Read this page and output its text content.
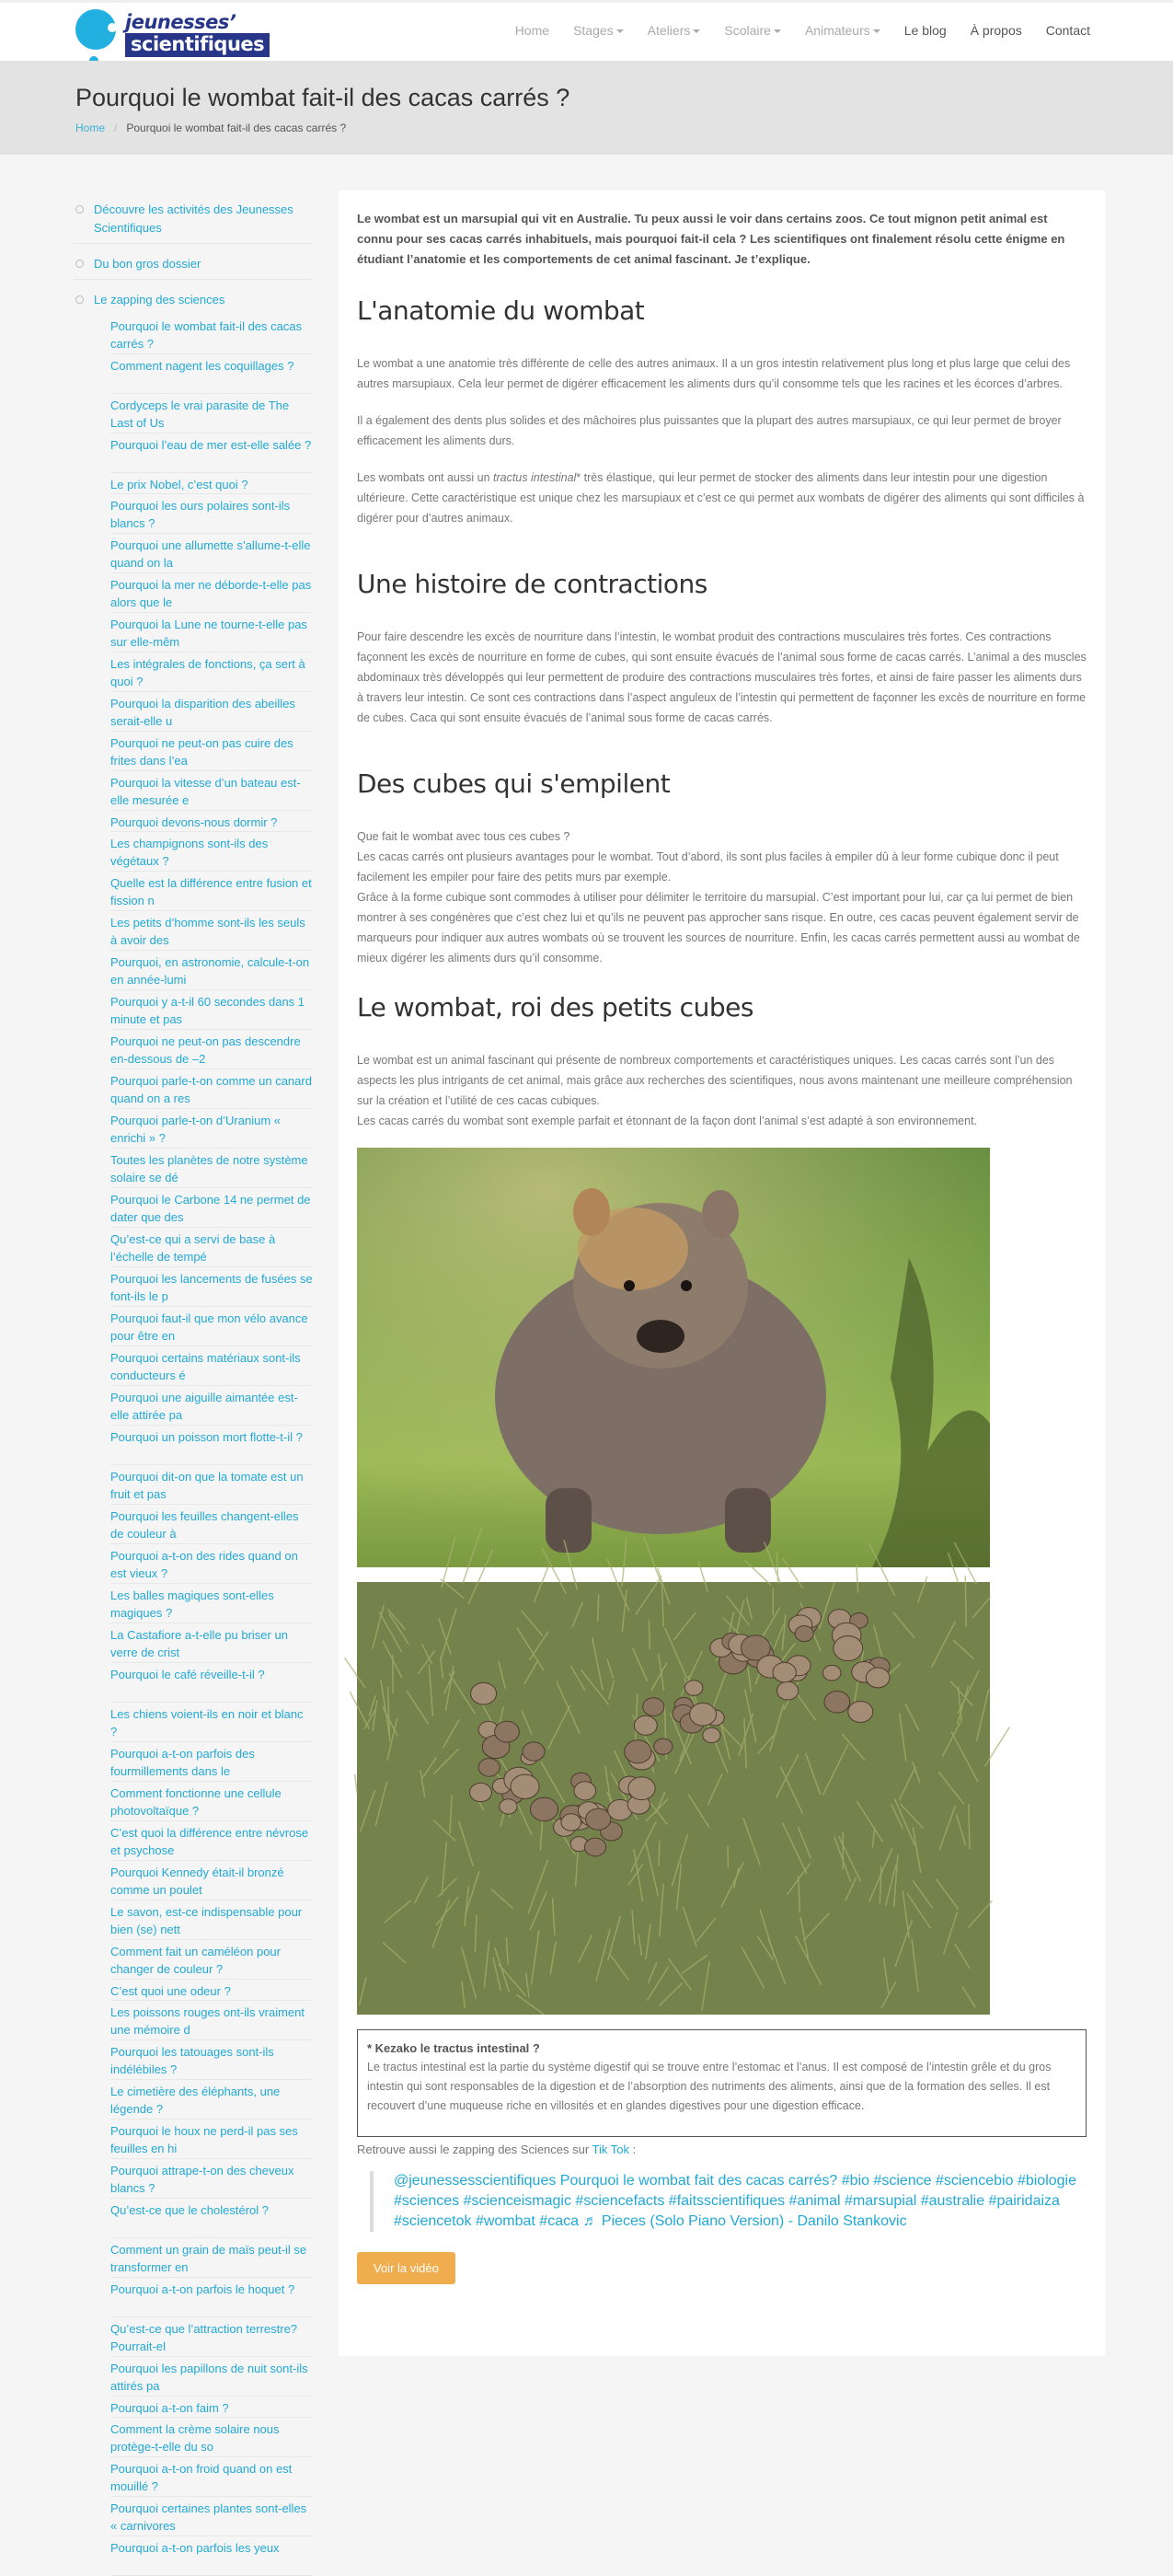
jeunesses’
scientifiques
Home Stages	Ateliers	Scolaire	Animateurs	Le blog À propos Contact
Pourquoi le wombat fait-il des cacas carrés ?
Home / Pourquoi le wombat fait-il des cacas carrés ?
Découvre les activités des Jeunesses Scientifiques
Du bon gros dossier
Le zapping des sciences
Pourquoi le wombat fait-il des cacas carrés ?
Comment nagent les coquillages ?
Cordyceps le vrai parasite de The Last of Us
Pourquoi l’eau de mer est-elle salée ?
Le prix Nobel, c’est quoi ?
Pourquoi les ours polaires sont-ils blancs ?
Pourquoi une allumette s’allume-t-elle quand on la
Pourquoi la mer ne déborde-t-elle pas alors que le
Pourquoi la Lune ne tourne-t-elle pas sur elle-mêm
Les intégrales de fonctions, ça sert à quoi ?
Pourquoi la disparition des abeilles serait-elle u
Pourquoi ne peut-on pas cuire des frites dans l’ea
Pourquoi la vitesse d’un bateau est-elle mesurée e
Pourquoi devons-nous dormir ?
Les champignons sont-ils des végétaux ?
Quelle est la différence entre fusion et fission n
Les petits d’homme sont-ils les seuls à avoir des
Pourquoi, en astronomie, calcule-t-on en année-lumi
Pourquoi y a-t-il 60 secondes dans 1 minute et pas
Pourquoi ne peut-on pas descendre en-dessous de –2
Pourquoi parle-t-on comme un canard quand on a res
Pourquoi parle-t-on d’Uranium « enrichi » ?
Toutes les planètes de notre système solaire se dé
Pourquoi le Carbone 14 ne permet de dater que des
Qu’est-ce qui a servi de base à l’échelle de tempé
Pourquoi les lancements de fusées se font-ils le p
Pourquoi faut-il que mon vélo avance pour être en
Pourquoi certains matériaux sont-ils conducteurs é
Pourquoi une aiguille aimantée est-elle attirée pa
Pourquoi un poisson mort flotte-t-il ?
Pourquoi dit-on que la tomate est un fruit et pas
Pourquoi les feuilles changent-elles de couleur à
Pourquoi a-t-on des rides quand on est vieux ?
Les balles magiques sont-elles magiques ?
La Castafiore a-t-elle pu briser un verre de crist
Pourquoi le café réveille-t-il ?
Les chiens voient-ils en noir et blanc ?
Pourquoi a-t-on parfois des fourmillements dans le
Comment fonctionne une cellule photovoltaïque ?
C’est quoi la différence entre névrose et psychose
Pourquoi Kennedy était-il bronzé comme un poulet
Le savon, est-ce indispensable pour bien (se) nett
Comment fait un caméléon pour changer de couleur ?
C’est quoi une odeur ?
Les poissons rouges ont-ils vraiment une mémoire d
Pourquoi les tatouages sont-ils indélébiles ?
Le cimetière des éléphants, une légende ?
Pourquoi le houx ne perd-il pas ses feuilles en hi
Pourquoi attrape-t-on des cheveux blancs ?
Qu’est-ce que le cholestérol ?
Comment un grain de maïs peut-il se transformer en
Pourquoi a-t-on parfois le hoquet ?
Qu’est-ce que l’attraction terrestre? Pourrait-el
Pourquoi les papillons de nuit sont-ils attirés pa
Pourquoi a-t-on faim ?
Comment la crème solaire nous protège-t-elle du so
Pourquoi a-t-on froid quand on est mouillé ?
Pourquoi certaines plantes sont-elles « carnivores
Pourquoi a-t-on parfois les yeux

Le wombat est un marsupial qui vit en Australie. Tu peux aussi le voir dans certains zoos. Ce tout mignon petit animal est connu pour ses cacas carrés inhabituels, mais pourquoi fait-il cela ? Les scientifiques ont finalement résolu cette énigme en étudiant l’anatomie et les comportements de cet animal fascinant. Je t’explique.

L'anatomie du wombat

Le wombat a une anatomie très différente de celle des autres animaux. Il a un gros intestin relativement plus long et plus large que celui des autres marsupiaux. Cela leur permet de digérer efficacement les aliments durs qu’il consomme tels que les racines et les écorces d’arbres.

Il a également des dents plus solides et des mâchoires plus puissantes que la plupart des autres marsupiaux, ce qui leur permet de broyer efficacement les aliments durs.

Les wombats ont aussi un tractus intestinal* très élastique, qui leur permet de stocker des aliments dans leur intestin pour une digestion ultérieure. Cette caractéristique est unique chez les marsupiaux et c’est ce qui permet aux wombats de digérer des aliments qui sont difficiles à digérer pour d’autres animaux.

Une histoire de contractions

Pour faire descendre les excès de nourriture dans l’intestin, le wombat produit des contractions musculaires très fortes. Ces contractions façonnent les excès de nourriture en forme de cubes, qui sont ensuite évacués de l’animal sous forme de cacas carrés. L’animal a des muscles abdominaux très développés qui leur permettent de produire des contractions musculaires très fortes, et ainsi de faire passer les aliments durs à travers leur intestin. Ce sont ces contractions dans l’aspect anguleux de l’intestin qui permettent de façonner les excès de nourriture en forme de cubes. Caca qui sont ensuite évacués de l’animal sous forme de cacas carrés.

Des cubes qui s'empilent

Que fait le wombat avec tous ces cubes ?

Les cacas carrés ont plusieurs avantages pour le wombat. Tout d’abord, ils sont plus faciles à empiler dû à leur forme cubique donc il peut facilement les empiler pour faire des petits murs par exemple.

Grâce à la forme cubique sont commodes à utiliser pour délimiter le territoire du marsupial. C’est important pour lui, car ça lui permet de bien montrer à ses congénères que c’est chez lui et qu’ils ne peuvent pas approcher sans risque. En outre, ces cacas peuvent également servir de marqueurs pour indiquer aux autres wombats où se trouvent les sources de nourriture. Enfin, les cacas carrés permettent aussi au wombat de mieux digérer les aliments durs qu’il consomme.

Le wombat, roi des petits cubes

Le wombat est un animal fascinant qui présente de nombreux comportements et caractéristiques uniques. Les cacas carrés sont l’un des aspects les plus intrigants de cet animal, mais grâce aux recherches des scientifiques, nous avons maintenant une meilleure compréhension sur la création et l’utilité de ces cacas cubiques.

Les cacas carrés du wombat sont exemple parfait et étonnant de la façon dont l’animal s’est adapté à son environnement.

* Kezako le tractus intestinal ?
Le tractus intestinal est la partie du système digestif qui se trouve entre l’estomac et l’anus. Il est composé de l’intestin grêle et du gros intestin qui sont responsables de la digestion et de l’absorption des nutriments des aliments, ainsi que de la formation des selles. Il est recouvert d’une muqueuse riche en villosités et en glandes digestives pour une digestion efficace.

Retrouve aussi le zapping des Sciences sur Tik Tok :

@jeunessesscientifiques Pourquoi le wombat fait des cacas carrés? #bio #science #sciencebio #biologie #sciences #scienceismagic #sciencefacts #faitsscientifiques #animal #marsupial #australie #pairidaiza #sciencetok #wombat #caca ♬ Pieces (Solo Piano Version) - Danilo Stankovic
Voir la vidéo
